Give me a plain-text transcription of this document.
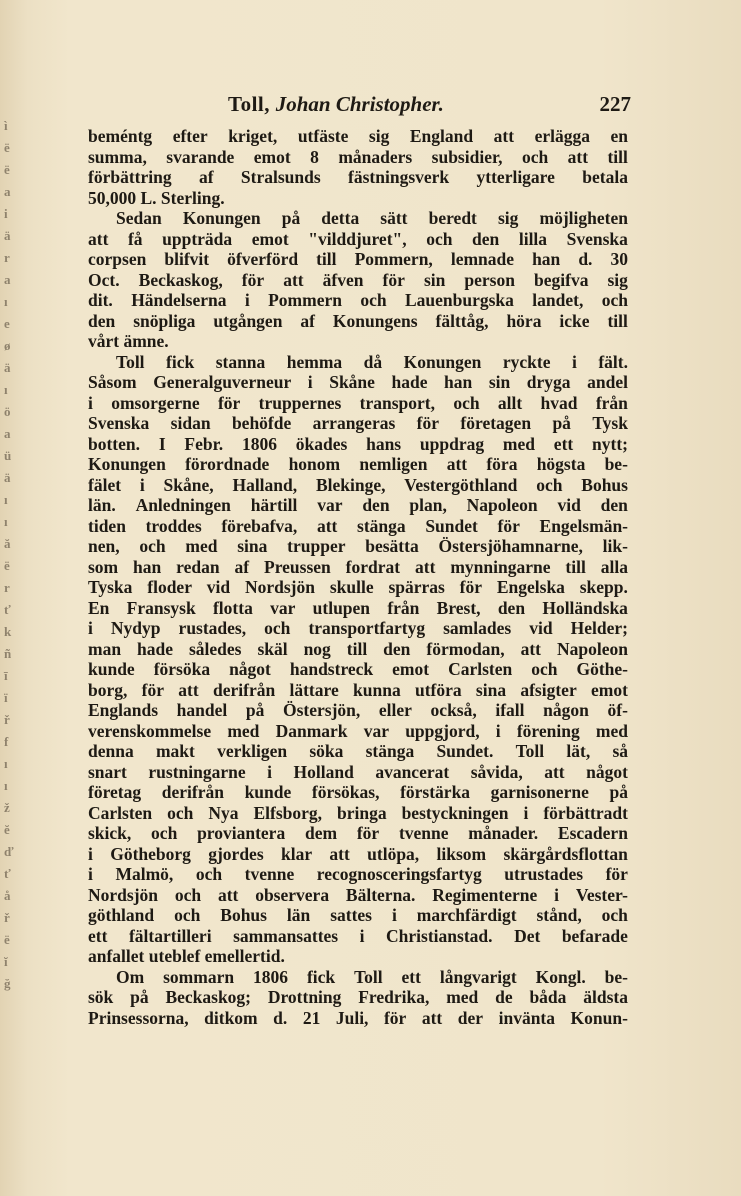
ì
ë
ë
a
i
ä
r
a
ı
e
ø
ä
ı
ö
a
ü
ä
ı
ı
ă
ë
r
ť
k
ñ
ī
ï
ř
f
ı
ı
ž
ĕ
ď
ť
å
ř
ë
ĭ
ğ
Toll, Johan Christopher.	227
beméntg efter kriget, utfäste sig England att erlägga en
summa, svarande emot 8 månaders subsidier, och att till
förbättring af Stralsunds fästningsverk ytterligare betala
50,000 L. Sterling.
Sedan Konungen på detta sätt beredt sig möjligheten
att få uppträda emot "vilddjuret", och den lilla Svenska
corpsen blifvit öfverförd till Pommern, lemnade han d. 30
Oct. Beckaskog, för att äfven för sin person begifva sig
dit. Händelserna i Pommern och Lauenburgska landet, och
den snöpliga utgången af Konungens fälttåg, höra icke till
vårt ämne.
Toll fick stanna hemma då Konungen ryckte i fält.
Såsom Generalguverneur i Skåne hade han sin dryga andel
i omsorgerne för truppernes transport, och allt hvad från
Svenska sidan behöfde arrangeras för företagen på Tysk
botten. I Febr. 1806 ökades hans uppdrag med ett nytt;
Konungen förordnade honom nemligen att föra högsta be-
fälet i Skåne, Halland, Blekinge, Vestergöthland och Bohus
län. Anledningen härtill var den plan, Napoleon vid den
tiden troddes förebafva, att stänga Sundet för Engelsmän-
nen, och med sina trupper besätta Östersjöhamnarne, lik-
som han redan af Preussen fordrat att mynningarne till alla
Tyska floder vid Nordsjön skulle spärras för Engelska skepp.
En Fransysk flotta var utlupen från Brest, den Holländska
i Nydyp rustades, och transportfartyg samlades vid Helder;
man hade således skäl nog till den förmodan, att Napoleon
kunde försöka något handstreck emot Carlsten och Göthe-
borg, för att derifrån lättare kunna utföra sina afsigter emot
Englands handel på Östersjön, eller också, ifall någon öf-
verenskommelse med Danmark var uppgjord, i förening med
denna makt verkligen söka stänga Sundet. Toll lät, så
snart rustningarne i Holland avancerat såvida, att något
företag derifrån kunde försökas, förstärka garnisonerne på
Carlsten och Nya Elfsborg, bringa bestyckningen i förbättradt
skick, och proviantera dem för tvenne månader. Escadern
i Götheborg gjordes klar att utlöpa, liksom skärgårdsflottan
i Malmö, och tvenne recognosceringsfartyg utrustades för
Nordsjön och att observera Bälterna. Regimenterne i Vester-
göthland och Bohus län sattes i marchfärdigt stånd, och
ett fältartilleri sammansattes i Christianstad. Det befarade
anfallet uteblef emellertid.
Om sommarn 1806 fick Toll ett långvarigt Kongl. be-
sök på Beckaskog; Drottning Fredrika, med de båda äldsta
Prinsessorna, ditkom d. 21 Juli, för att der invänta Konun-
